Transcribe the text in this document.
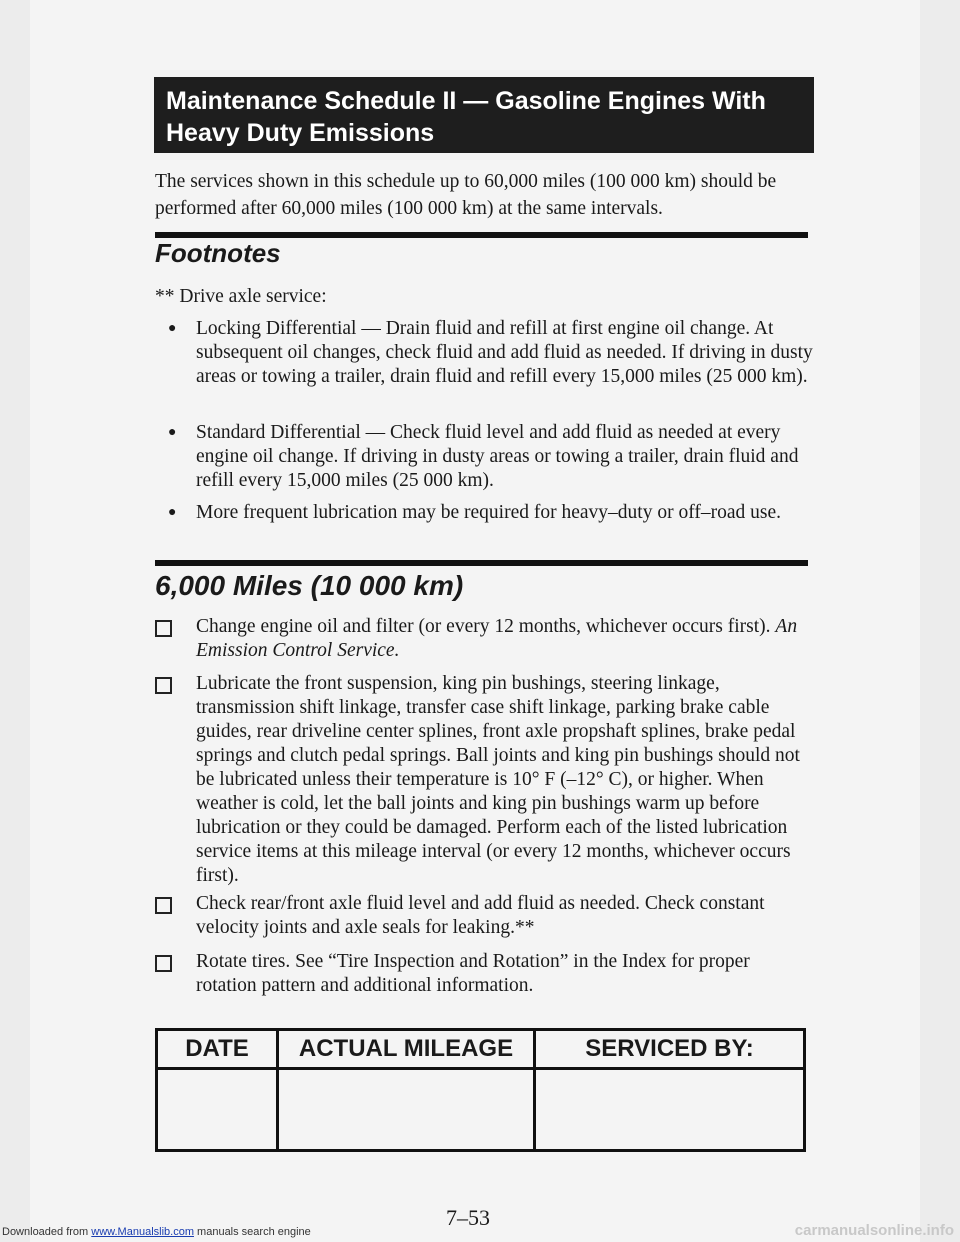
Maintenance Schedule II — Gasoline Engines With
Heavy Duty Emissions
The services shown in this schedule up to 60,000 miles (100 000 km) should be performed after 60,000 miles (100 000 km) at the same intervals.
Footnotes
** Drive axle service:
●	Locking Differential — Drain fluid and refill at first engine oil change. At subsequent oil changes, check fluid and add fluid as needed. If driving in dusty areas or towing a trailer, drain fluid and refill every 15,000 miles (25 000 km).
●	Standard Differential — Check fluid level and add fluid as needed at every engine oil change. If driving in dusty areas or towing a trailer, drain fluid and refill every 15,000 miles (25 000 km).
●	More frequent lubrication may be required for heavy–duty or off–road use.
6,000 Miles (10 000 km)
Change engine oil and filter (or every 12 months, whichever occurs first). An Emission Control Service.
Lubricate the front suspension, king pin bushings, steering linkage, transmission shift linkage, transfer case shift linkage, parking brake cable guides, rear driveline center splines, front axle propshaft splines, brake pedal springs and clutch pedal springs. Ball joints and king pin bushings should not be lubricated unless their temperature is 10° F (–12° C), or higher. When weather is cold, let the ball joints and king pin bushings warm up before lubrication or they could be damaged. Perform each of the listed lubrication service items at this mileage interval (or every 12 months, whichever occurs first).
Check rear/front axle fluid level and add fluid as needed. Check constant velocity joints and axle seals for leaking.**
Rotate tires. See “Tire Inspection and Rotation” in the Index for proper rotation pattern and additional information.
DATE	ACTUAL MILEAGE	SERVICED BY:

7–53
Downloaded from www.Manualslib.com manuals search engine	carmanualsonline.info
